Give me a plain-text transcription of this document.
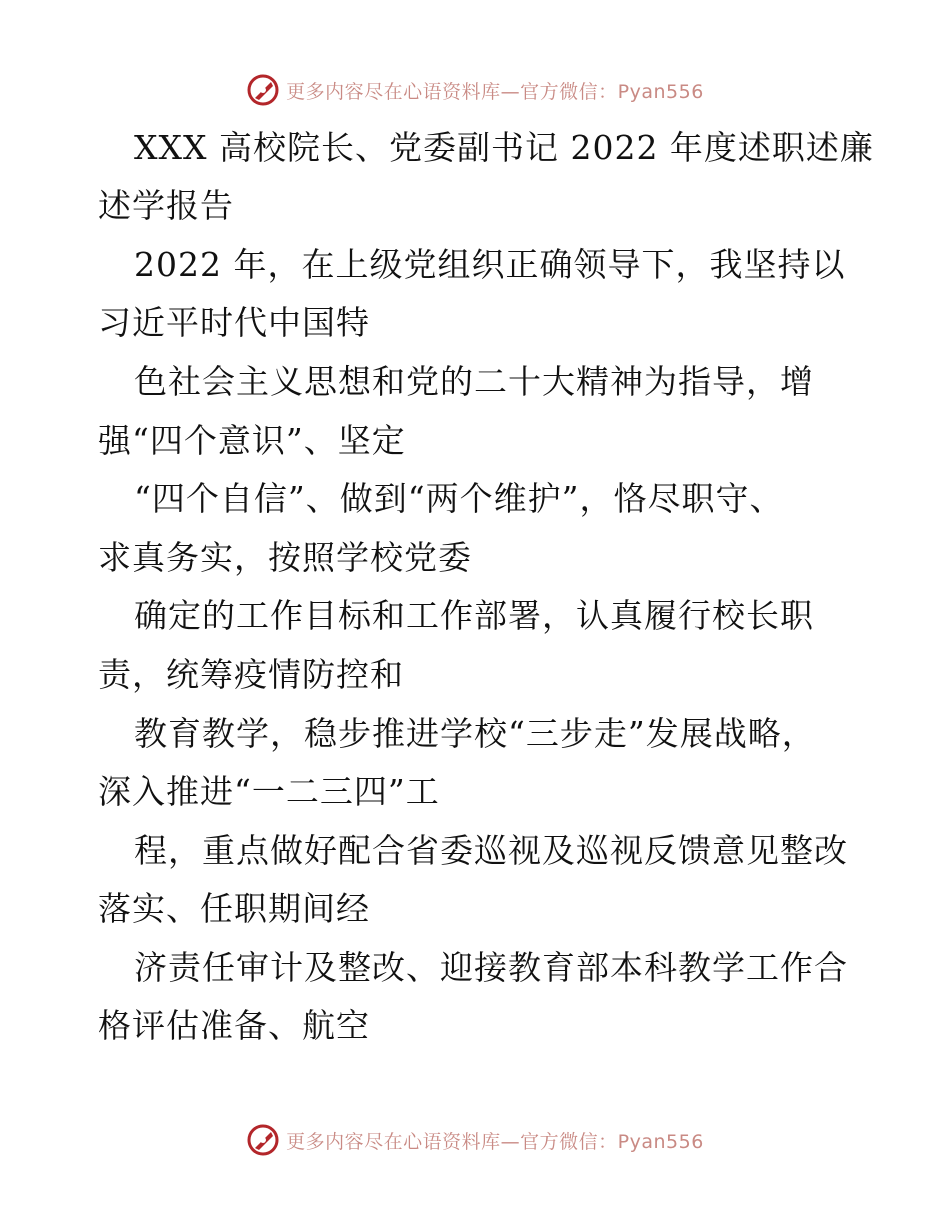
更多内容尽在心语资料库—官方微信：Pyan556
XXX 高校院长、党委副书记 2022 年度述职述廉
述学报告
2022 年，在上级党组织正确领导下，我坚持以
习近平时代中国特
色社会主义思想和党的二十大精神为指导，增
强“四个意识”、坚定
“四个自信”、做到“两个维护”，恪尽职守、
求真务实，按照学校党委
确定的工作目标和工作部署，认真履行校长职
责，统筹疫情防控和
教育教学，稳步推进学校“三步走”发展战略，
深入推进“一二三四”工
程，重点做好配合省委巡视及巡视反馈意见整改
落实、任职期间经
济责任审计及整改、迎接教育部本科教学工作合
格评估准备、航空
更多内容尽在心语资料库—官方微信：Pyan556
